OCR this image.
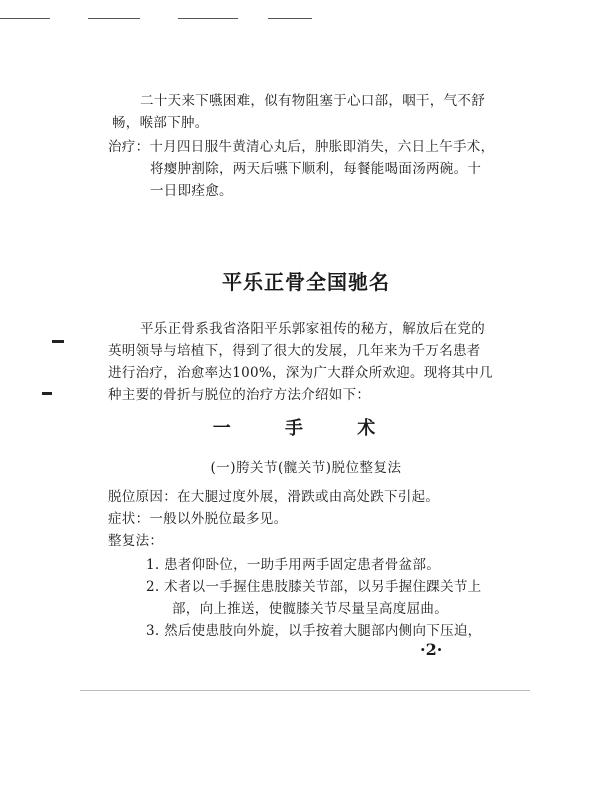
二十天来下嚥困难，似有物阻塞于心口部，咽干，气不舒
畅，喉部下肿。
治疗：十月四日服牛黄清心丸后，肿胀即消失，六日上午手术，
将瘿肿割除，两天后嚥下顺利，每餐能喝面汤两碗。十
一日即痊愈。
平乐正骨全国驰名
平乐正骨系我省洛阳平乐郭家祖传的秘方，解放后在党的
英明领导与培植下，得到了很大的发展，几年来为千万名患者
进行治疗，治愈率达100%，深为广大群众所欢迎。现将其中几
种主要的骨折与脱位的治疗方法介绍如下：
一 手 术
(一)胯关节(髋关节)脱位整复法
脱位原因：在大腿过度外展，滑跌或由高处跌下引起。
症状：一般以外脱位最多见。
整复法：
1. 患者仰卧位，一助手用两手固定患者骨盆部。
2. 术者以一手握住患肢膝关节部，以另手握住踝关节上
部，向上推送，使髋膝关节尽量呈高度屈曲。
3. 然后使患肢向外旋，以手按着大腿部内侧向下压迫，
·2·
